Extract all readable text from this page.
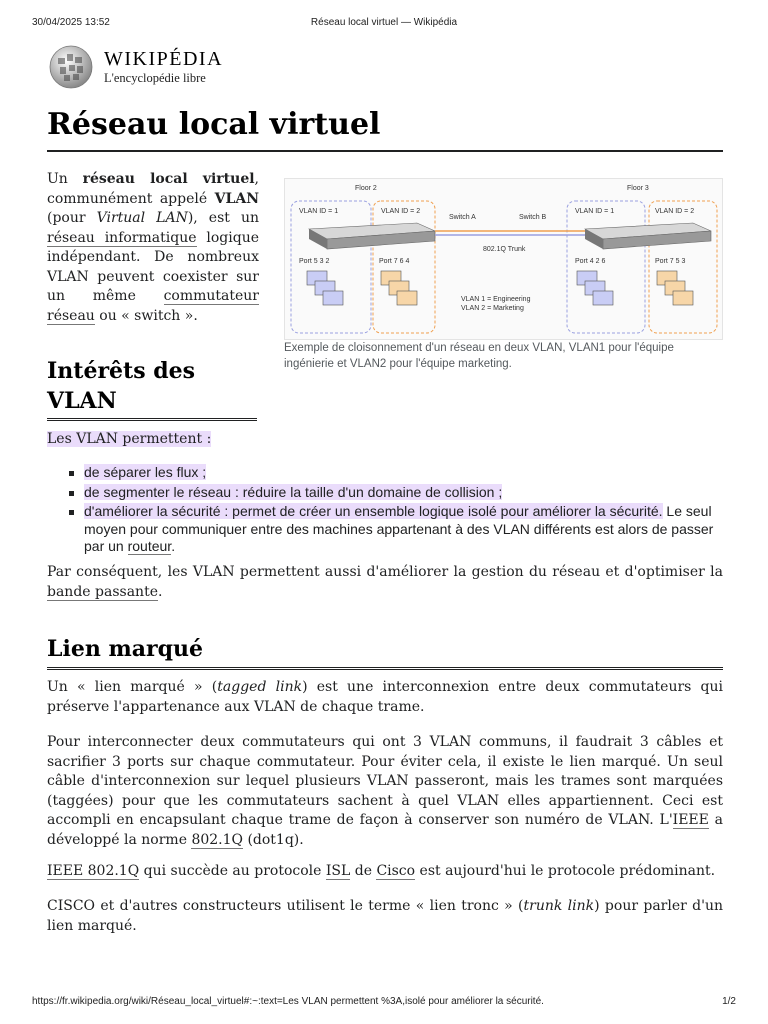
30/04/2025 13:52	Réseau local virtuel — Wikipédia
WIKIPÉDIA
L'encyclopédie libre
Réseau local virtuel

Un réseau local virtuel, communément appelé VLAN (pour Virtual LAN), est un réseau informatique logique indépendant. De nombreux VLAN peuvent coexister sur un même commutateur réseau ou « switch ».

Floor 2	Floor 3
VLAN ID = 1	VLAN ID = 2	VLAN ID = 1	VLAN ID = 2
Switch A	Switch B
802.1Q Trunk
Port 5 3 2	Port 7 6 4	Port 4 2 6	Port 7 5 3
VLAN 1 = Engineering
VLAN 2 = Marketing
Exemple de cloisonnement d'un réseau en deux VLAN, VLAN1 pour l'équipe ingénierie et VLAN2 pour l'équipe marketing.
Intérêts des
VLAN

Les VLAN permettent :

de séparer les flux ;
de segmenter le réseau : réduire la taille d'un domaine de collision ;
d'améliorer la sécurité : permet de créer un ensemble logique isolé pour améliorer la sécurité. Le seul moyen pour communiquer entre des machines appartenant à des VLAN différents est alors de passer par un routeur.

Par conséquent, les VLAN permettent aussi d'améliorer la gestion du réseau et d'optimiser la bande passante.

Lien marqué

Un « lien marqué » (tagged link) est une interconnexion entre deux commutateurs qui préserve l'appartenance aux VLAN de chaque trame.

Pour interconnecter deux commutateurs qui ont 3 VLAN communs, il faudrait 3 câbles et sacrifier 3 ports sur chaque commutateur. Pour éviter cela, il existe le lien marqué. Un seul câble d'interconnexion sur lequel plusieurs VLAN passeront, mais les trames sont marquées (taggées) pour que les commutateurs sachent à quel VLAN elles appartiennent. Ceci est accompli en encapsulant chaque trame de façon à conserver son numéro de VLAN. L'IEEE a développé la norme 802.1Q (dot1q).

IEEE 802.1Q qui succède au protocole ISL de Cisco est aujourd'hui le protocole prédominant.

CISCO et d'autres constructeurs utilisent le terme « lien tronc » (trunk link) pour parler d'un lien marqué.

https://fr.wikipedia.org/wiki/Réseau_local_virtuel#:~:text=Les VLAN permettent %3A,isolé pour améliorer la sécurité.	1/2
